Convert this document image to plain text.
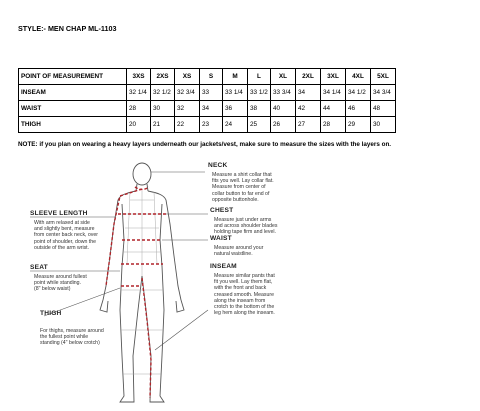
STYLE:- MEN CHAP ML-1103
POINT OF MEASUREMENT	3XS	2XS	XS	S	M	L	XL	2XL	3XL	4XL	5XL
INSEAM	32 1/4	32 1/2	32 3/4	33	33 1/4	33 1/2	33 3/4	34	34 1/4	34 1/2	34 3/4
WAIST	28	30	32	34	36	38	40	42	44	46	48
THIGH	20	21	22	23	24	25	26	27	28	29	30
NOTE: if you plan on wearing a heavy layers underneath our jackets/vest, make sure to measure the sizes with the layers on.
NECK
Measure a shirt collar that
fits you well. Lay collar flat.
Measure from center of
collar button to far end of
opposite buttonhole.
CHEST
Measure just under arms
and across shoulder blades
holding tape firm and level.
WAIST
Measure around your
natural waistline.
INSEAM
Measure similar pants that
fit you well. Lay them flat,
with the front and back
creased smooth. Measure
along the inseam from
crotch to the bottom of the
leg hem along the inseam.
SLEEVE LENGTH
With arm relaxed at side
and slightly bent, measure
from center back neck, over
point of shoulder, down the
outside of the arm wrist.
SEAT
Measure around fullest
point while standing.
(8" below waist)
THIGH
For thighs, measure around
the fullest point while
standing (4" below crotch)
